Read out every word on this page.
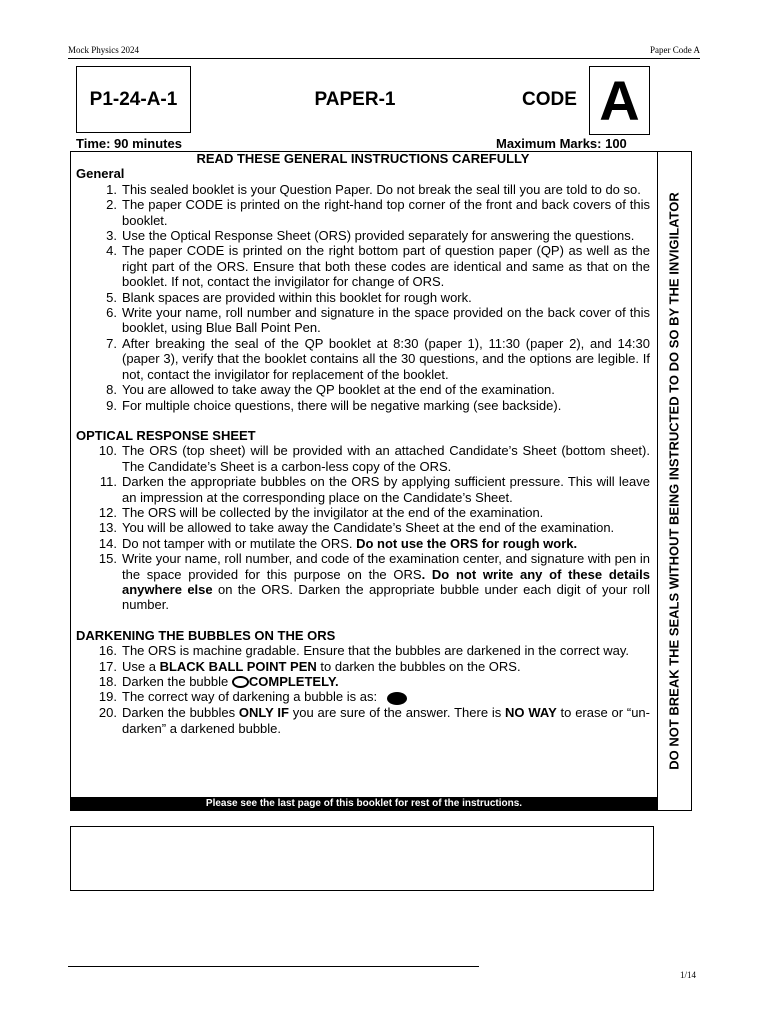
Mock Physics 2024	Paper Code A
P1-24-A-1	PAPER-1	CODE A
Time: 90 minutes	Maximum Marks: 100
DO NOT BREAK THE SEALS WITHOUT BEING INSTRUCTED TO DO SO BY THE INVIGILATOR
READ THESE GENERAL INSTRUCTIONS CAREFULLY
General
1. This sealed booklet is your Question Paper. Do not break the seal till you are told to do so.
2. The paper CODE is printed on the right-hand top corner of the front and back covers of this booklet.
3. Use the Optical Response Sheet (ORS) provided separately for answering the questions.
4. The paper CODE is printed on the right bottom part of question paper (QP) as well as the right part of the ORS. Ensure that both these codes are identical and same as that on the booklet. If not, contact the invigilator for change of ORS.
5. Blank spaces are provided within this booklet for rough work.
6. Write your name, roll number and signature in the space provided on the back cover of this booklet, using Blue Ball Point Pen.
7. After breaking the seal of the QP booklet at 8:30 (paper 1), 11:30 (paper 2), and 14:30 (paper 3), verify that the booklet contains all the 30 questions, and the options are legible. If not, contact the invigilator for replacement of the booklet.
8. You are allowed to take away the QP booklet at the end of the examination.
9. For multiple choice questions, there will be negative marking (see backside).
OPTICAL RESPONSE SHEET
10. The ORS (top sheet) will be provided with an attached Candidate’s Sheet (bottom sheet). The Candidate’s Sheet is a carbon-less copy of the ORS.
11. Darken the appropriate bubbles on the ORS by applying sufficient pressure. This will leave an impression at the corresponding place on the Candidate’s Sheet.
12. The ORS will be collected by the invigilator at the end of the examination.
13. You will be allowed to take away the Candidate’s Sheet at the end of the examination.
14. Do not tamper with or mutilate the ORS. Do not use the ORS for rough work.
15. Write your name, roll number, and code of the examination center, and signature with pen in the space provided for this purpose on the ORS. Do not write any of these details anywhere else on the ORS. Darken the appropriate bubble under each digit of your roll number.
DARKENING THE BUBBLES ON THE ORS
16. The ORS is machine gradable. Ensure that the bubbles are darkened in the correct way.
17. Use a BLACK BALL POINT PEN to darken the bubbles on the ORS.
18. Darken the bubble COMPLETELY.
19. The correct way of darkening a bubble is as:
20. Darken the bubbles ONLY IF you are sure of the answer. There is NO WAY to erase or “un-darken” a darkened bubble.
Please see the last page of this booklet for rest of the instructions.
1/14
